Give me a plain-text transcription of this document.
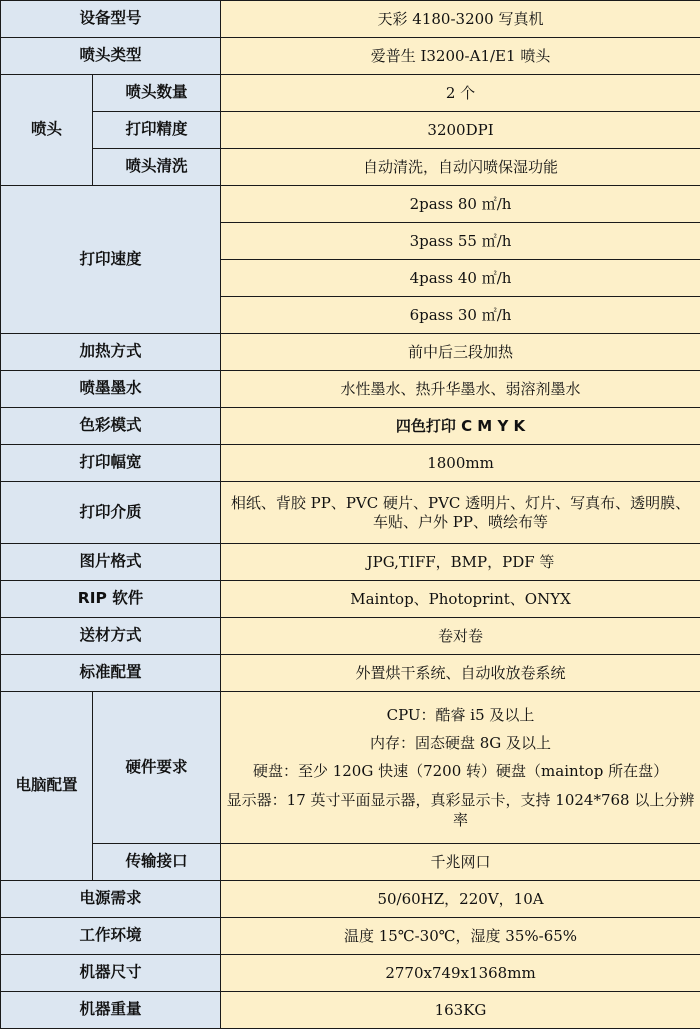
设备型号		天彩 4180-3200 写真机
喷头类型		爱普生 I3200-A1/E1 喷头
喷头	喷头数量	2 个
	打印精度	3200DPI
	喷头清洗	自动清洗，自动闪喷保湿功能
打印速度		2pass 80 ㎡/h
		3pass 55 ㎡/h
		4pass 40 ㎡/h
		6pass 30 ㎡/h
加热方式		前中后三段加热
喷墨墨水		水性墨水、热升华墨水、弱溶剂墨水
色彩模式		四色打印 C M Y K
打印幅宽		1800mm
打印介质		相纸、背胶 PP、PVC 硬片、PVC 透明片、灯片、写真布、透明膜、车贴、户外 PP、喷绘布等
图片格式		JPG,TIFF，BMP，PDF 等
RIP 软件		Maintop、Photoprint、ONYX
送材方式		卷对卷
标准配置		外置烘干系统、自动收放卷系统
电脑配置	硬件要求	CPU：酷睿 i5 及以上
内存：固态硬盘 8G 及以上
硬盘：至少 120G 快速（7200 转）硬盘（maintop 所在盘）
显示器：17 英寸平面显示器，真彩显示卡，支持 1024*768 以上分辨率

	传输接口	千兆网口
电源需求		50/60HZ，220V，10A
工作环境		温度 15℃-30℃，湿度 35%-65%
机器尺寸		2770x749x1368mm
机器重量		163KG
